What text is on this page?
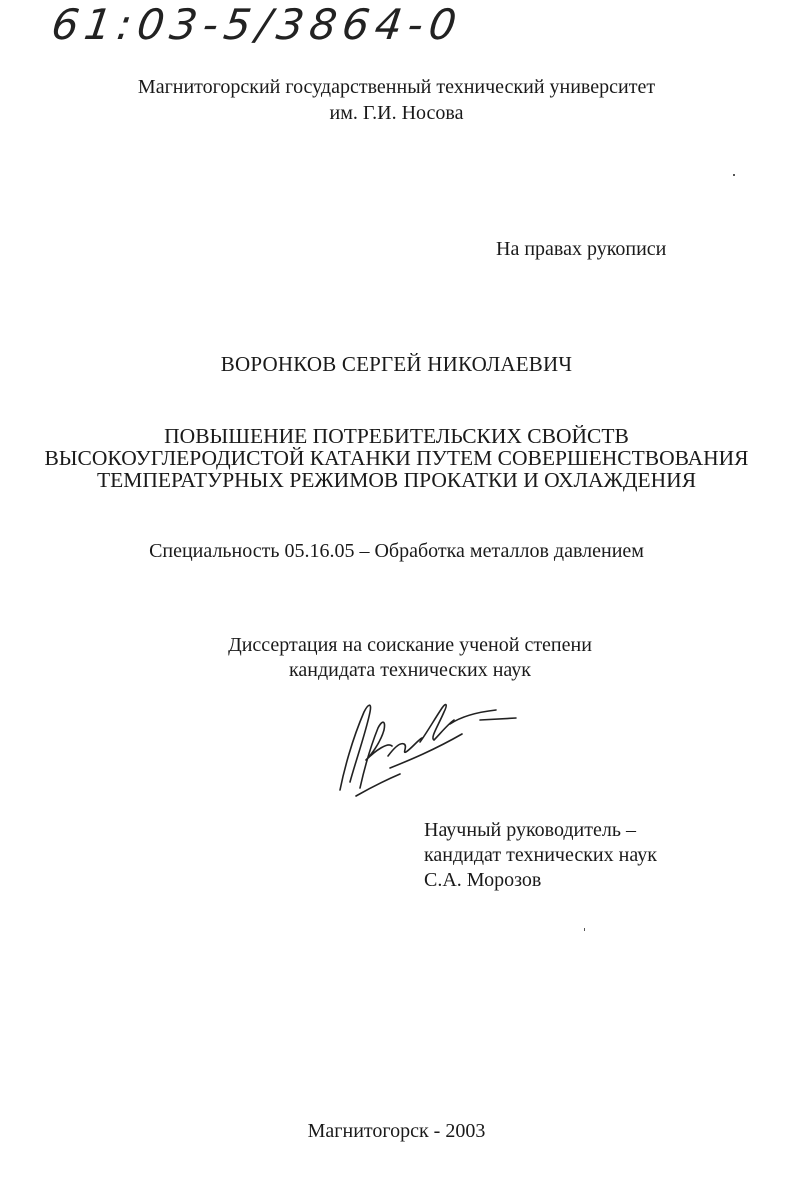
61:03-5/3864-0
Магнитогорский государственный технический университет
им. Г.И. Носова
На правах рукописи
ВОРОНКОВ СЕРГЕЙ НИКОЛАЕВИЧ
ПОВЫШЕНИЕ ПОТРЕБИТЕЛЬСКИХ СВОЙСТВ
ВЫСОКОУГЛЕРОДИСТОЙ КАТАНКИ ПУТЕМ СОВЕРШЕНСТВОВАНИЯ
ТЕМПЕРАТУРНЫХ РЕЖИМОВ ПРОКАТКИ И ОХЛАЖДЕНИЯ
Специальность 05.16.05 – Обработка металлов давлением
Диссертация на соискание ученой степени
кандидата технических наук
Научный руководитель –
кандидат технических наук
С.А. Морозов
Магнитогорск - 2003
